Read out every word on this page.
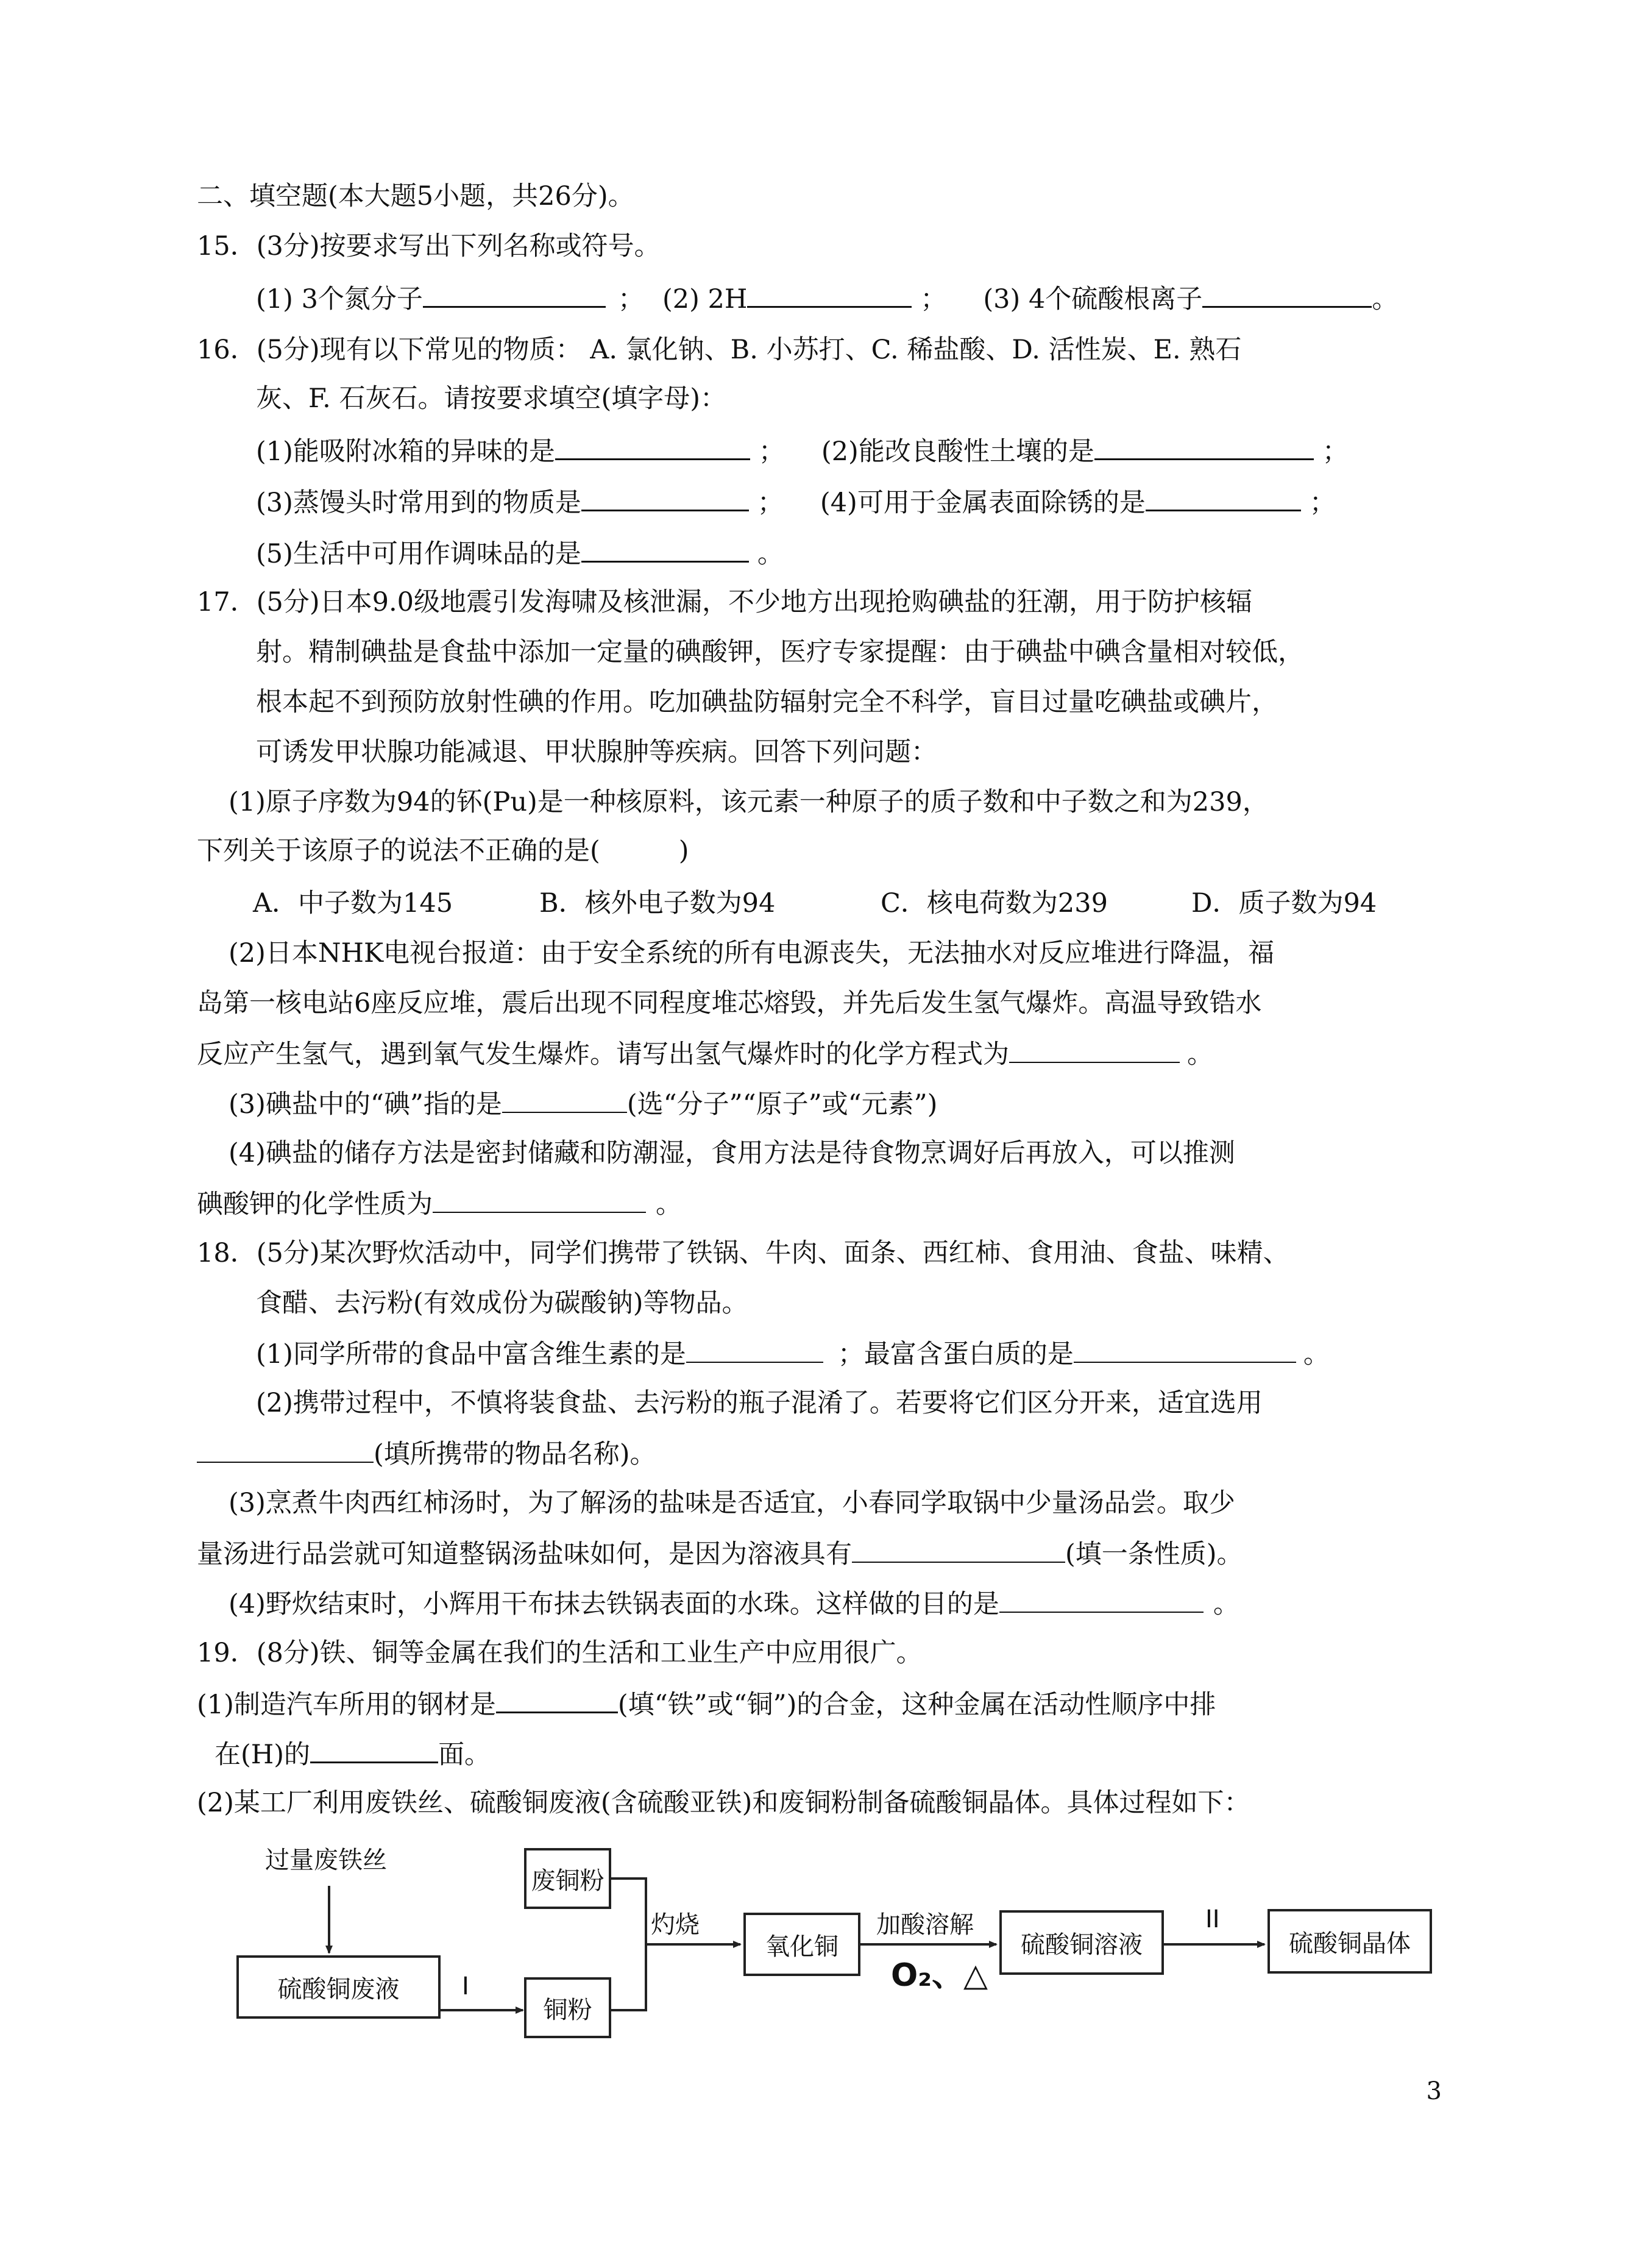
二、填空题(本大题5小题，共26分)。
15．(3分)按要求写出下列名称或符号。
(1) 3个氮分子	； (2) 2H	； (3) 4个硫酸根离子	。
16．(5分)现有以下常见的物质： A. 氯化钠、B. 小苏打、C. 稀盐酸、D. 活性炭、E. 熟石
灰、F. 石灰石。请按要求填空(填字母)：
(1)能吸附冰箱的异味的是	； (2)能改良酸性土壤的是	；
(3)蒸馒头时常用到的物质是	； (4)可用于金属表面除锈的是	；
(5)生活中可用作调味品的是	。
17．(5分)日本9.0级地震引发海啸及核泄漏，不少地方出现抢购碘盐的狂潮，用于防护核辐
射。精制碘盐是食盐中添加一定量的碘酸钾，医疗专家提醒：由于碘盐中碘含量相对较低，
根本起不到预防放射性碘的作用。吃加碘盐防辐射完全不科学，盲目过量吃碘盐或碘片，
可诱发甲状腺功能减退、甲状腺肿等疾病。回答下列问题：
(1)原子序数为94的钚(Pu)是一种核原料，该元素一种原子的质子数和中子数之和为239，
下列关于该原子的说法不正确的是(　　　)
A．中子数为145	B．核外电子数为94	C．核电荷数为239	D．质子数为94
(2)日本NHK电视台报道：由于安全系统的所有电源丧失，无法抽水对反应堆进行降温，福
岛第一核电站6座反应堆，震后出现不同程度堆芯熔毁，并先后发生氢气爆炸。高温导致锆水
反应产生氢气，遇到氧气发生爆炸。请写出氢气爆炸时的化学方程式为	。
(3)碘盐中的“碘”指的是	(选“分子”“原子”或“元素”)
(4)碘盐的储存方法是密封储藏和防潮湿，食用方法是待食物烹调好后再放入，可以推测
碘酸钾的化学性质为	。
18．(5分)某次野炊活动中，同学们携带了铁锅、牛肉、面条、西红柿、食用油、食盐、味精、
食醋、去污粉(有效成份为碳酸钠)等物品。
(1)同学所带的食品中富含维生素的是	；最富含蛋白质的是	。
(2)携带过程中，不慎将装食盐、去污粉的瓶子混淆了。若要将它们区分开来，适宜选用
(填所携带的物品名称)。
(3)烹煮牛肉西红柿汤时，为了解汤的盐味是否适宜，小春同学取锅中少量汤品尝。取少
量汤进行品尝就可知道整锅汤盐味如何，是因为溶液具有	(填一条性质)。
(4)野炊结束时，小辉用干布抹去铁锅表面的水珠。这样做的目的是	。
19．(8分)铁、铜等金属在我们的生活和工业生产中应用很广。
(1)制造汽车所用的钢材是	(填“铁”或“铜”)的合金，这种金属在活动性顺序中排
在(H)的	面。
(2)某工厂利用废铁丝、硫酸铜废液(含硫酸亚铁)和废铜粉制备硫酸铜晶体。具体过程如下：
过量废铁丝
硫酸铜废液	I
铜粉
废铜粉
灼烧
氧化铜
加酸溶解
O₂、△
硫酸铜溶液
II
硫酸铜晶体
3
